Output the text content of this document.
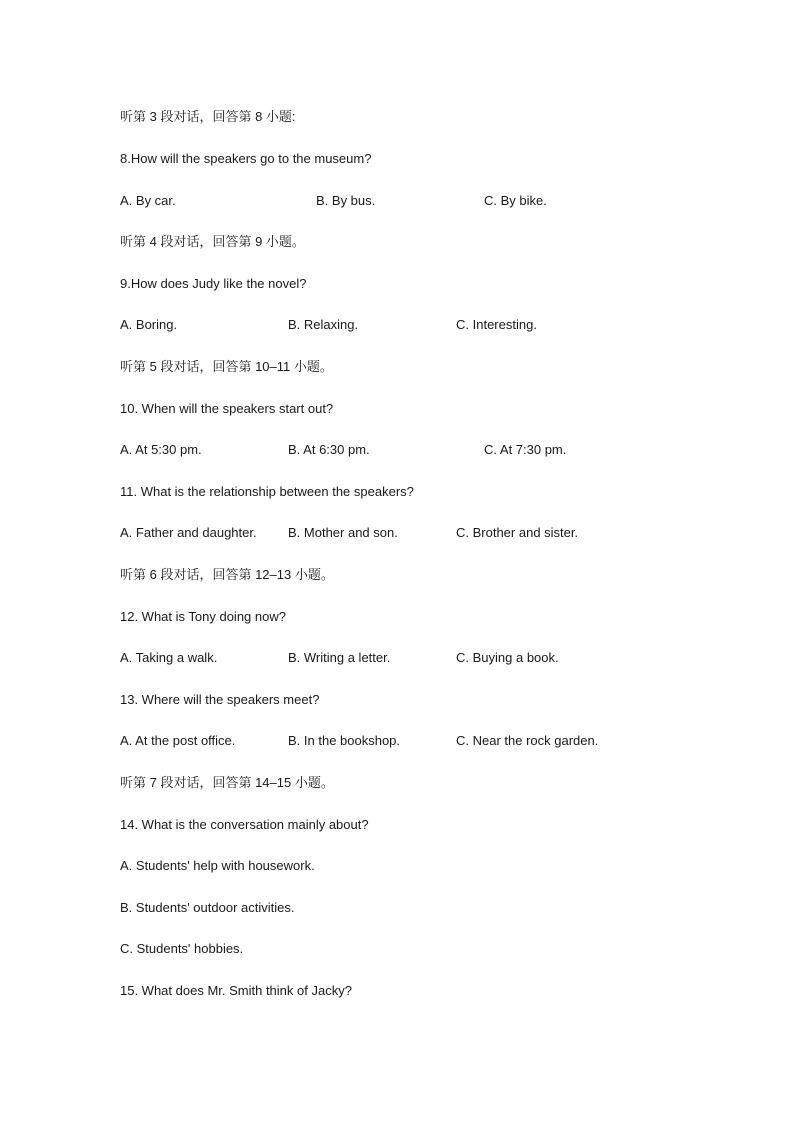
听第 3 段对话，回答第 8 小题:
8.How will the speakers go to the museum?
A. By car.	B. By bus.	C. By bike.
听第 4 段对话，回答第 9 小题。
9.How does Judy like the novel?
A. Boring.	B. Relaxing.	C. Interesting.
听第 5 段对话，回答第 10–11 小题。
10. When will the speakers start out?
A. At 5:30 pm.	B. At 6:30 pm.	C. At 7:30 pm.
11. What is the relationship between the speakers?
A. Father and daughter. B. Mother and son.	C. Brother and sister.
听第 6 段对话，回答第 12–13 小题。
12. What is Tony doing now?
A. Taking a walk.	B. Writing a letter.	C. Buying a book.
13. Where will the speakers meet?
A. At the post office.	B. In the bookshop.	C. Near the rock garden.
听第 7 段对话，回答第 14–15 小题。
14. What is the conversation mainly about?
A. Students' help with housework.
B. Students' outdoor activities.
C. Students' hobbies.
15. What does Mr. Smith think of Jacky?
